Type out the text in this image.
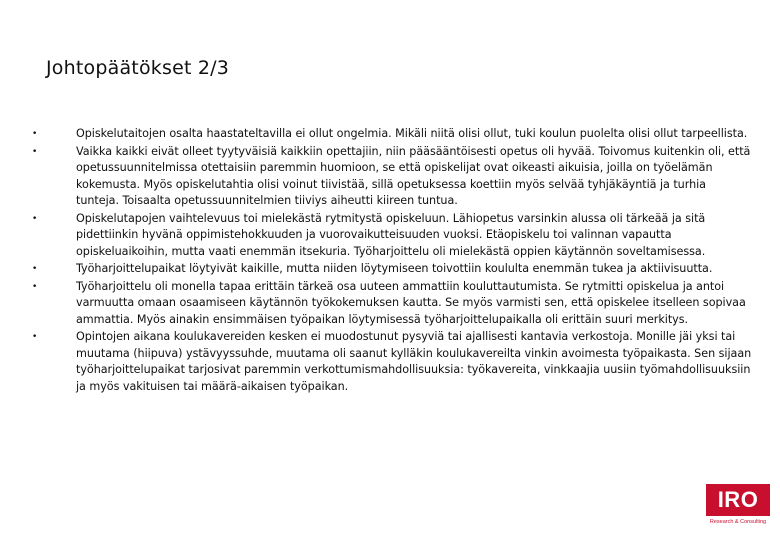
Johtopäätökset 2/3
•	Opiskelutaitojen osalta haastateltavilla ei ollut ongelmia. Mikäli niitä olisi ollut, tuki koulun puolelta olisi ollut tarpeellista.
•	Vaikka kaikki eivät olleet tyytyväisiä kaikkiin opettajiin, niin pääsääntöisesti opetus oli hyvää. Toivomus kuitenkin oli, että opetussuunnitelmissa otettaisiin paremmin huomioon, se että opiskelijat ovat oikeasti aikuisia, joilla on työelämän kokemusta. Myös opiskelutahtia olisi voinut tiivistää, sillä opetuksessa koettiin myös selvää tyhjäkäyntiä ja turhia tunteja. Toisaalta opetussuunnitelmien tiiviys aiheutti kiireen tuntua.
•	Opiskelutapojen vaihtelevuus toi mielekästä rytmitystä opiskeluun. Lähiopetus varsinkin alussa oli tärkeää ja sitä pidettiinkin hyvänä oppimistehokkuuden ja vuorovaikutteisuuden vuoksi. Etäopiskelu toi valinnan vapautta opiskeluaikoihin, mutta vaati enemmän itsekuria. Työharjoittelu oli mielekästä oppien käytännön soveltamisessa.
•	Työharjoittelupaikat löytyivät kaikille, mutta niiden löytymiseen toivottiin koululta enemmän tukea ja aktiivisuutta.
•	Työharjoittelu oli monella tapaa erittäin tärkeä osa uuteen ammattiin kouluttautumista. Se rytmitti opiskelua ja antoi varmuutta omaan osaamiseen käytännön työkokemuksen kautta. Se myös varmisti sen, että opiskelee itselleen sopivaa ammattia. Myös ainakin ensimmäisen työpaikan löytymisessä työharjoittelupaikalla oli erittäin suuri merkitys.
•	Opintojen aikana koulukavereiden kesken ei muodostunut pysyviä tai ajallisesti kantavia verkostoja. Monille jäi yksi tai muutama (hiipuva) ystävyyssuhde, muutama oli saanut kylläkin koulukavereilta vinkin avoimesta työpaikasta. Sen sijaan työharjoittelupaikat tarjosivat paremmin verkottumismahdollisuuksia: työkavereita, vinkkaajia uusiin työmahdollisuuksiin ja myös vakituisen tai määrä-aikaisen työpaikan.
IRO
Research & Consulting
